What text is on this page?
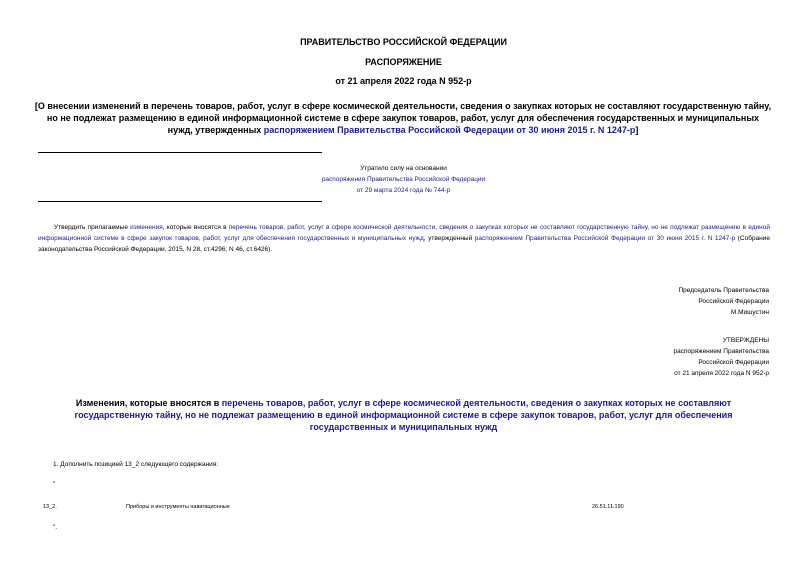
ПРАВИТЕЛЬСТВО РОССИЙСКОЙ ФЕДЕРАЦИИ
РАСПОРЯЖЕНИЕ
от 21 апреля 2022 года N 952-р
[О внесении изменений в перечень товаров, работ, услуг в сфере космической деятельности, сведения о закупках которых не составляют государственную тайну, но не подлежат размещению в единой информационной системе в сфере закупок товаров, работ, услуг для обеспечения государственных и муниципальных нужд, утвержденных распоряжением Правительства Российской Федерации от 30 июня 2015 г. N 1247-р]
Утратило силу на основании
распоряжения Правительства Российской Федерации
от 29 марта 2024 года № 744-р
Утвердить прилагаемые изменения, которые вносятся в перечень товаров, работ, услуг в сфере космической деятельности, сведения о закупках которых не составляют государственную тайну, но не подлежат размещению в единой информационной системе в сфере закупок товаров, работ, услуг для обеспечения государственных и муниципальных нужд, утвержденный распоряжением Правительства Российской Федерации от 30 июня 2015 г. N 1247-р (Собрание законодательства Российской Федерации, 2015, N 28, ст.4296; N 46, ст.6426).
Председатель Правительства
Российской Федерации
М.Мишустин
УТВЕРЖДЕНЫ
распоряжением Правительства
Российской Федерации
от 21 апреля 2022 года N 952-р
Изменения, которые вносятся в перечень товаров, работ, услуг в сфере космической деятельности, сведения о закупках которых не составляют государственную тайну, но не подлежат размещению в единой информационной системе в сфере закупок товаров, работ, услуг для обеспечения государственных и муниципальных нужд
1. Дополнить позицией 13_2 следующего содержания:
"
13_2.	Приборы и инструменты навигационные	26.51.11.190
".
